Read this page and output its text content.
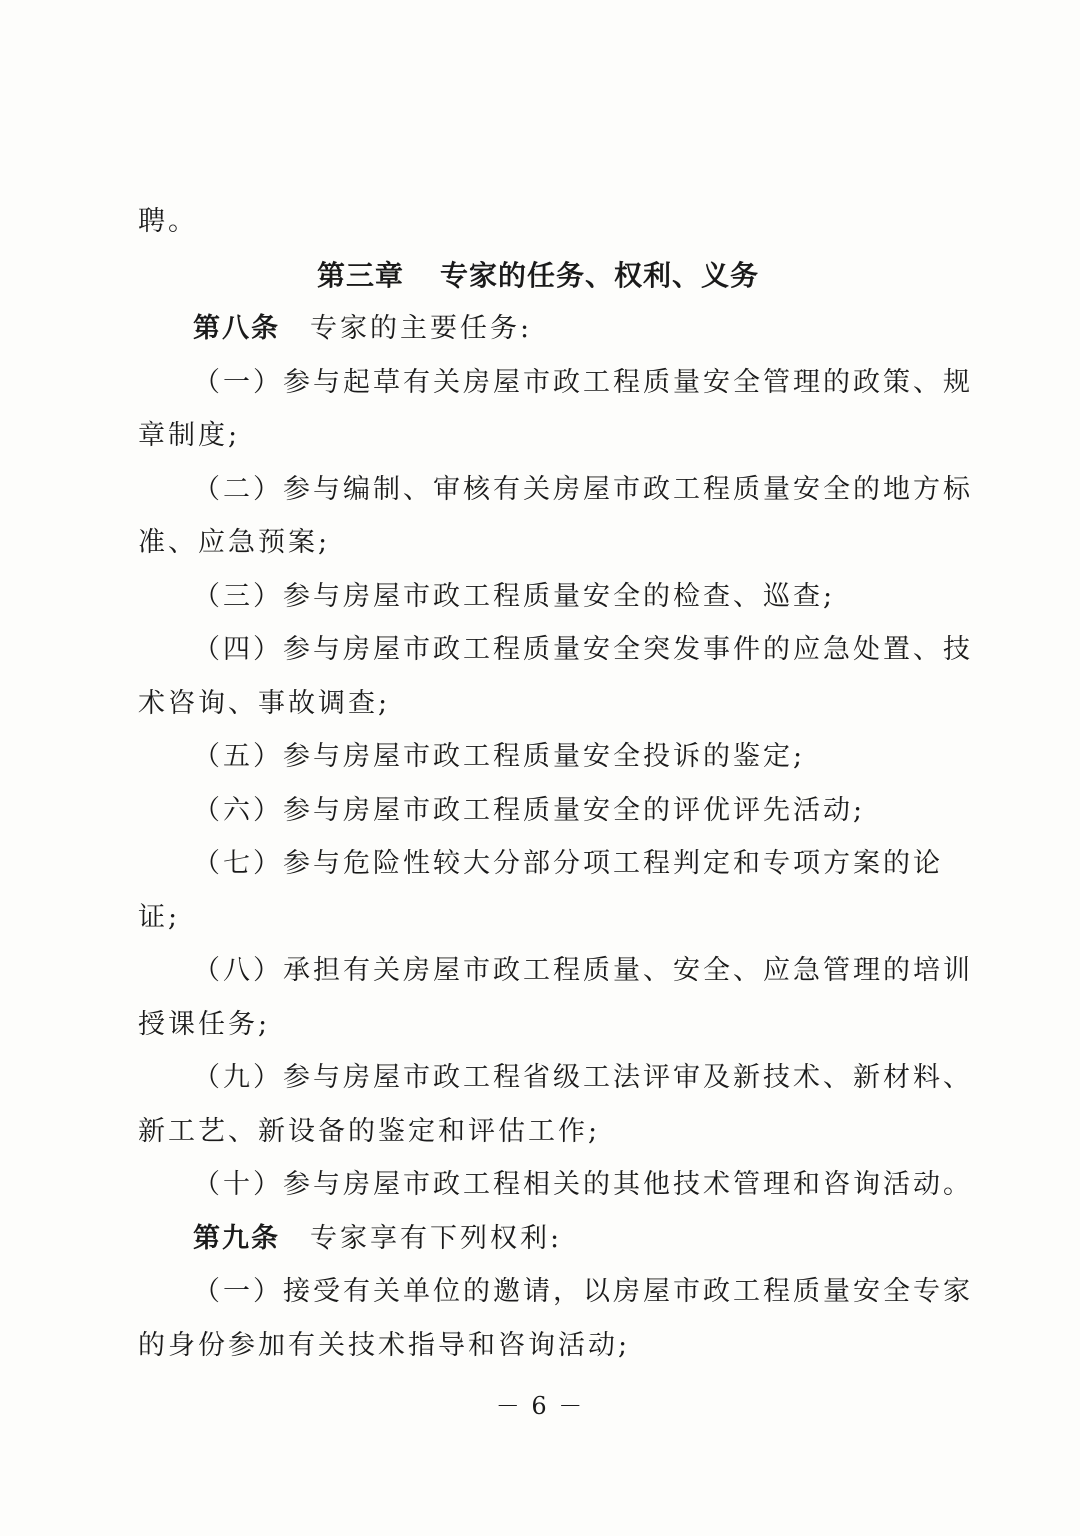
聘。
第三章 专家的任务、权利、义务
第八条 专家的主要任务:
（一）参与起草有关房屋市政工程质量安全管理的政策、规
章制度;
（二）参与编制、审核有关房屋市政工程质量安全的地方标
准、应急预案;
（三）参与房屋市政工程质量安全的检查、巡查;
（四）参与房屋市政工程质量安全突发事件的应急处置、技
术咨询、事故调查;
（五）参与房屋市政工程质量安全投诉的鉴定;
（六）参与房屋市政工程质量安全的评优评先活动;
（七）参与危险性较大分部分项工程判定和专项方案的论
证;
（八）承担有关房屋市政工程质量、安全、应急管理的培训
授课任务;
（九）参与房屋市政工程省级工法评审及新技术、新材料、
新工艺、新设备的鉴定和评估工作;
（十）参与房屋市政工程相关的其他技术管理和咨询活动。
第九条 专家享有下列权利:
（一）接受有关单位的邀请，以房屋市政工程质量安全专家
的身份参加有关技术指导和咨询活动;
－ 6 －
